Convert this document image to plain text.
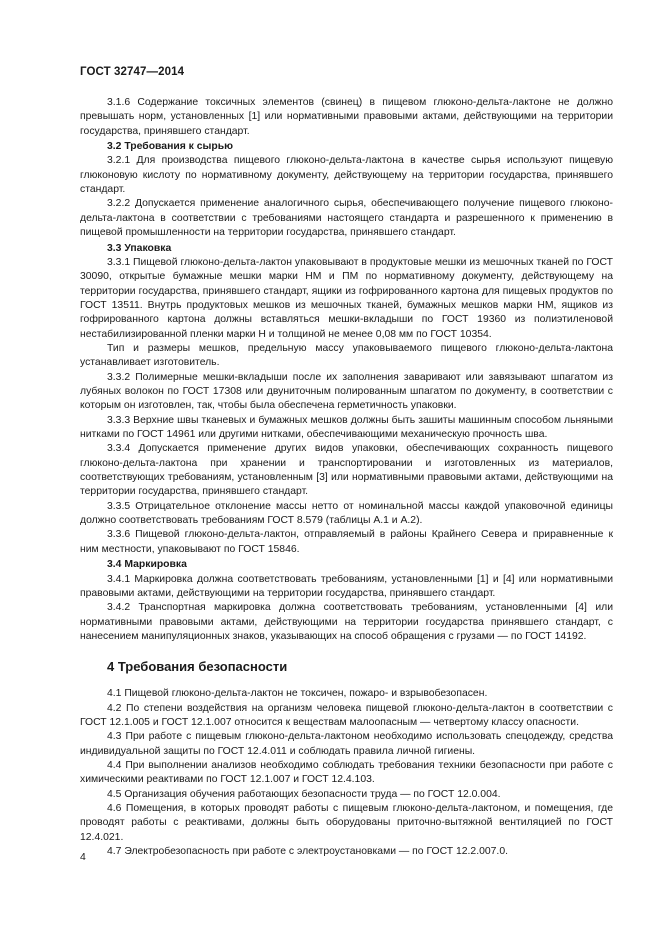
ГОСТ 32747—2014

3.1.6 Содержание токсичных элементов (свинец) в пищевом глюконо-дельта-лактоне не должно превышать норм, установленных [1] или нормативными правовыми актами, действующими на территории государства, принявшего стандарт.

3.2 Требования к сырью

3.2.1 Для производства пищевого глюконо-дельта-лактона в качестве сырья используют пищевую глюконовую кислоту по нормативному документу, действующему на территории государства, принявшего стандарт.

3.2.2 Допускается применение аналогичного сырья, обеспечивающего получение пищевого глюконо-дельта-лактона в соответствии с требованиями настоящего стандарта и разрешенного к применению в пищевой промышленности на территории государства, принявшего стандарт.

3.3 Упаковка

3.3.1 Пищевой глюконо-дельта-лактон упаковывают в продуктовые мешки из мешочных тканей по ГОСТ 30090, открытые бумажные мешки марки НМ и ПМ по нормативному документу, действующему на территории государства, принявшего стандарт, ящики из гофрированного картона для пищевых продуктов по ГОСТ 13511. Внутрь продуктовых мешков из мешочных тканей, бумажных мешков марки НМ, ящиков из гофрированного картона должны вставляться мешки-вкладыши по ГОСТ 19360 из полиэтиленовой нестабилизированной пленки марки Н и толщиной не менее 0,08 мм по ГОСТ 10354.

Тип и размеры мешков, предельную массу упаковываемого пищевого глюконо-дельта-лактона устанавливает изготовитель.

3.3.2 Полимерные мешки-вкладыши после их заполнения заваривают или завязывают шпагатом из лубяных волокон по ГОСТ 17308 или двуниточным полированным шпагатом по документу, в соответствии с которым он изготовлен, так, чтобы была обеспечена герметичность упаковки.

3.3.3 Верхние швы тканевых и бумажных мешков должны быть зашиты машинным способом льняными нитками по ГОСТ 14961 или другими нитками, обеспечивающими механическую прочность шва.

3.3.4 Допускается применение других видов упаковки, обеспечивающих сохранность пищевого глюконо-дельта-лактона при хранении и транспортировании и изготовленных из материалов, соответствующих требованиям, установленным [3] или нормативными правовыми актами, действующими на территории государства, принявшего стандарт.

3.3.5 Отрицательное отклонение массы нетто от номинальной массы каждой упаковочной единицы должно соответствовать требованиям ГОСТ 8.579 (таблицы А.1 и А.2).

3.3.6 Пищевой глюконо-дельта-лактон, отправляемый в районы Крайнего Севера и приравненные к ним местности, упаковывают по ГОСТ 15846.

3.4 Маркировка

3.4.1 Маркировка должна соответствовать требованиям, установленными [1] и [4] или нормативными правовыми актами, действующими на территории государства, принявшего стандарт.

3.4.2 Транспортная маркировка должна соответствовать требованиям, установленными [4] или нормативными правовыми актами, действующими на территории государства принявшего стандарт, с нанесением манипуляционных знаков, указывающих на способ обращения с грузами — по ГОСТ 14192.

4 Требования безопасности

4.1 Пищевой глюконо-дельта-лактон не токсичен, пожаро- и взрывобезопасен.

4.2 По степени воздействия на организм человека пищевой глюконо-дельта-лактон в соответствии с ГОСТ 12.1.005 и ГОСТ 12.1.007 относится к веществам малоопасным — четвертому классу опасности.

4.3 При работе с пищевым глюконо-дельта-лактоном необходимо использовать спецодежду, средства индивидуальной защиты по ГОСТ 12.4.011 и соблюдать правила личной гигиены.

4.4 При выполнении анализов необходимо соблюдать требования техники безопасности при работе с химическими реактивами по ГОСТ 12.1.007 и ГОСТ 12.4.103.

4.5 Организация обучения работающих безопасности труда — по ГОСТ 12.0.004.

4.6 Помещения, в которых проводят работы с пищевым глюконо-дельта-лактоном, и помещения, где проводят работы с реактивами, должны быть оборудованы приточно-вытяжной вентиляцией по ГОСТ 12.4.021.

4.7 Электробезопасность при работе с электроустановками — по ГОСТ 12.2.007.0.

4
